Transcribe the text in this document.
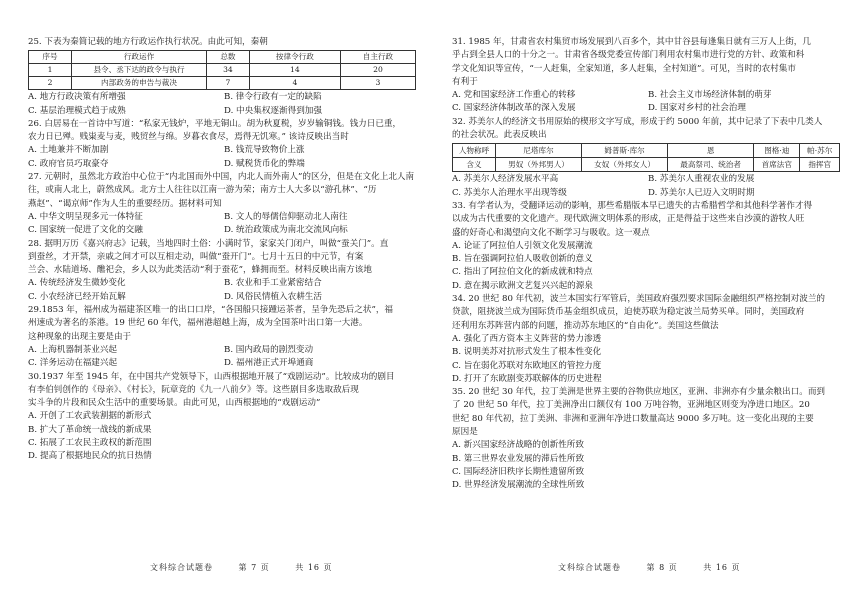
25. 下表为秦简记载的地方行政运作执行状况。由此可知，秦朝

序号	行政运作	总数	按律令行政	自主行政
1	县令、丞下达的政令与执行	34	14	20
2	内部政务的申告与裁决	7	4	3
A. 地方行政决策有所增强	B. 律令行政有一定的缺陷
C. 基层治理模式趋于成熟	D. 中央集权逐渐得到加强

26. 白居易在一首诗中写道：“私家无钱炉，平地无铜山。胡为秋夏税，岁岁输铜钱。钱力日已重，

农力日已殚。贱粜麦与麦，贱贸丝与绵。岁暮衣食尽，焉得无饥寒。” 该诗反映出当时

A. 土地兼并不断加剧	B. 钱荒导致物价上涨
C. 政府官员巧取豪夺	D. 赋税货币化的弊端

27. 元朝时，虽然北方政治中心位于“内北国而外中国，内北人而外南人”的区分，但是在文化上北人南

往，或南人北上，蔚然成风。北方士人往往以江南一游为荣；南方士人大多以“游孔林”、“历

燕赵”、“谒京师”作为人生的重要经历。据材料可知

A. 中华文明呈现多元一体特征	B. 文人的辱儒信仰驱动北人南往
C. 国家统一促进了文化的交融	D. 统治政策成为南北交流风向标

28. 据明万历《嘉兴府志》记载，当地四时土俗：小满时节，家家关门闭户，叫做“蚕关门”。直

到蚕丝，才开禁，亲戚之间才可以互相走动，叫做“蚕开门”。七月十五日的中元节，有案

兰会、水陆道场、醮祀会，乡人以为此类活动“利于蚕花”，蜂拥而至。材料反映出南方该地

A. 传统经济发生微妙变化	B. 农业和手工业紧密结合
C. 小农经济已经开始瓦解	D. 风俗民情植入农耕生活

29.1853 年，福州成为福建茶区唯一的出口口岸，“各国船只接踵运茶者，呈争先恐后之状”，福

州速成为著名的茶港。19 世纪 60 年代，福州港超越上海，成为全国茶叶出口第一大港。

这种现象的出现主要是由于

A. 上海机器制茶业兴起	B. 国内政局的剧烈变动
C. 洋务运动在福建兴起	D. 福州港正式开埠通商

30.1937 年至 1945 年，在中国共产党领导下，山西根据地开展了“戏剧运动”。比较成功的剧目

有李伯钊创作的《母亲》、《村长》，阮章竞的《九一八前夕》等。这些剧目多选取敌后现

实斗争的片段和民众生活中的重要场景。由此可见，山西根据地的“戏剧运动”

A. 开创了工农武装割据的新形式
B. 扩大了革命统一战线的新成果
C. 拓展了工农民主政权的新范围
D. 提高了根据地民众的抗日热情
文科综合试题卷	第 7 页	共 16 页

31. 1985 年，甘肃省农村集贸市场发展到八百多个，其中甘谷县每逢集日就有三万人上街，几

乎占到全县人口的十分之一。甘肃省各级党委宣传部门利用农村集市进行党的方针、政策和科

学文化知识等宣传，“一人赶集，全家知道，多人赶集，全村知道”。可见，当时的农村集市

有利于

A. 党和国家经济工作重心的转移	B. 社会主义市场经济体制的萌芽
C. 国家经济体制改革的深入发展	D. 国家对乡村的社会治理

32. 苏美尔人的经济文书用原始的楔形文字写成，形成于约 5000 年前，其中记录了下表中几类人

的社会状况。此表反映出

人物称呼	尼塔库尔	姆普斯·库尔	恩	图格·迪	帕·苏尔
含义	男奴（外邦男人）	女奴（外邦女人）	最高祭司、统治者	首席法官	指挥官
A. 苏美尔人经济发展水平高	B. 苏美尔人重视农业的发展
C. 苏美尔人治理水平出现等级	D. 苏美尔人已迈入文明时期

33. 有学者认为，受翻译运动的影响，那些希腊版本早已遗失的古希腊哲学和其他科学著作才得

以成为古代重要的文化遗产。现代欧洲文明体系的形成，正是得益于这些来自沙漠的游牧人旺

盛的好奇心和渴望向文化不断学习与吸收。这一观点

A. 论证了阿拉伯人引领文化发展潮流
B. 旨在强调阿拉伯人吸收创新的意义
C. 指出了阿拉伯文化的新成就和特点
D. 意在揭示欧洲文艺复兴兴起的源泉

34. 20 世纪 80 年代初，波兰本国实行军管后，美国政府强烈要求国际金融组织严格控制对波兰的

贷款，阻挠波兰成为国际货币基金组织成员，迫使苏联为稳定波兰局势买单。同时，美国政府

还利用东苏阵营内部的问题，推动苏东地区的“自由化”。美国这些做法

A. 强化了西方资本主义阵营的势力渗透
B. 说明美苏对抗形式发生了根本性变化
C. 旨在弱化苏联对东欧地区的管控力度
D. 打开了东欧剧变苏联解体的历史进程

35. 20 世纪 30 年代，拉丁美洲是世界主要的谷物供应地区，亚洲、非洲亦有少量余粮出口。而到

了 20 世纪 50 年代，拉丁美洲净出口额仅有 100 万吨谷物，亚洲地区则变为净进口地区。20

世纪 80 年代初，拉丁美洲、非洲和亚洲年净进口数量高达 9000 多万吨。这一变化出现的主要

原因是

A. 新兴国家经济战略的创新性所致
B. 第三世界农业发展的滞后性所致
C. 国际经济旧秩序长期性遗留所致
D. 世界经济发展潮流的全球性所致
文科综合试题卷	第 8 页	共 16 页
